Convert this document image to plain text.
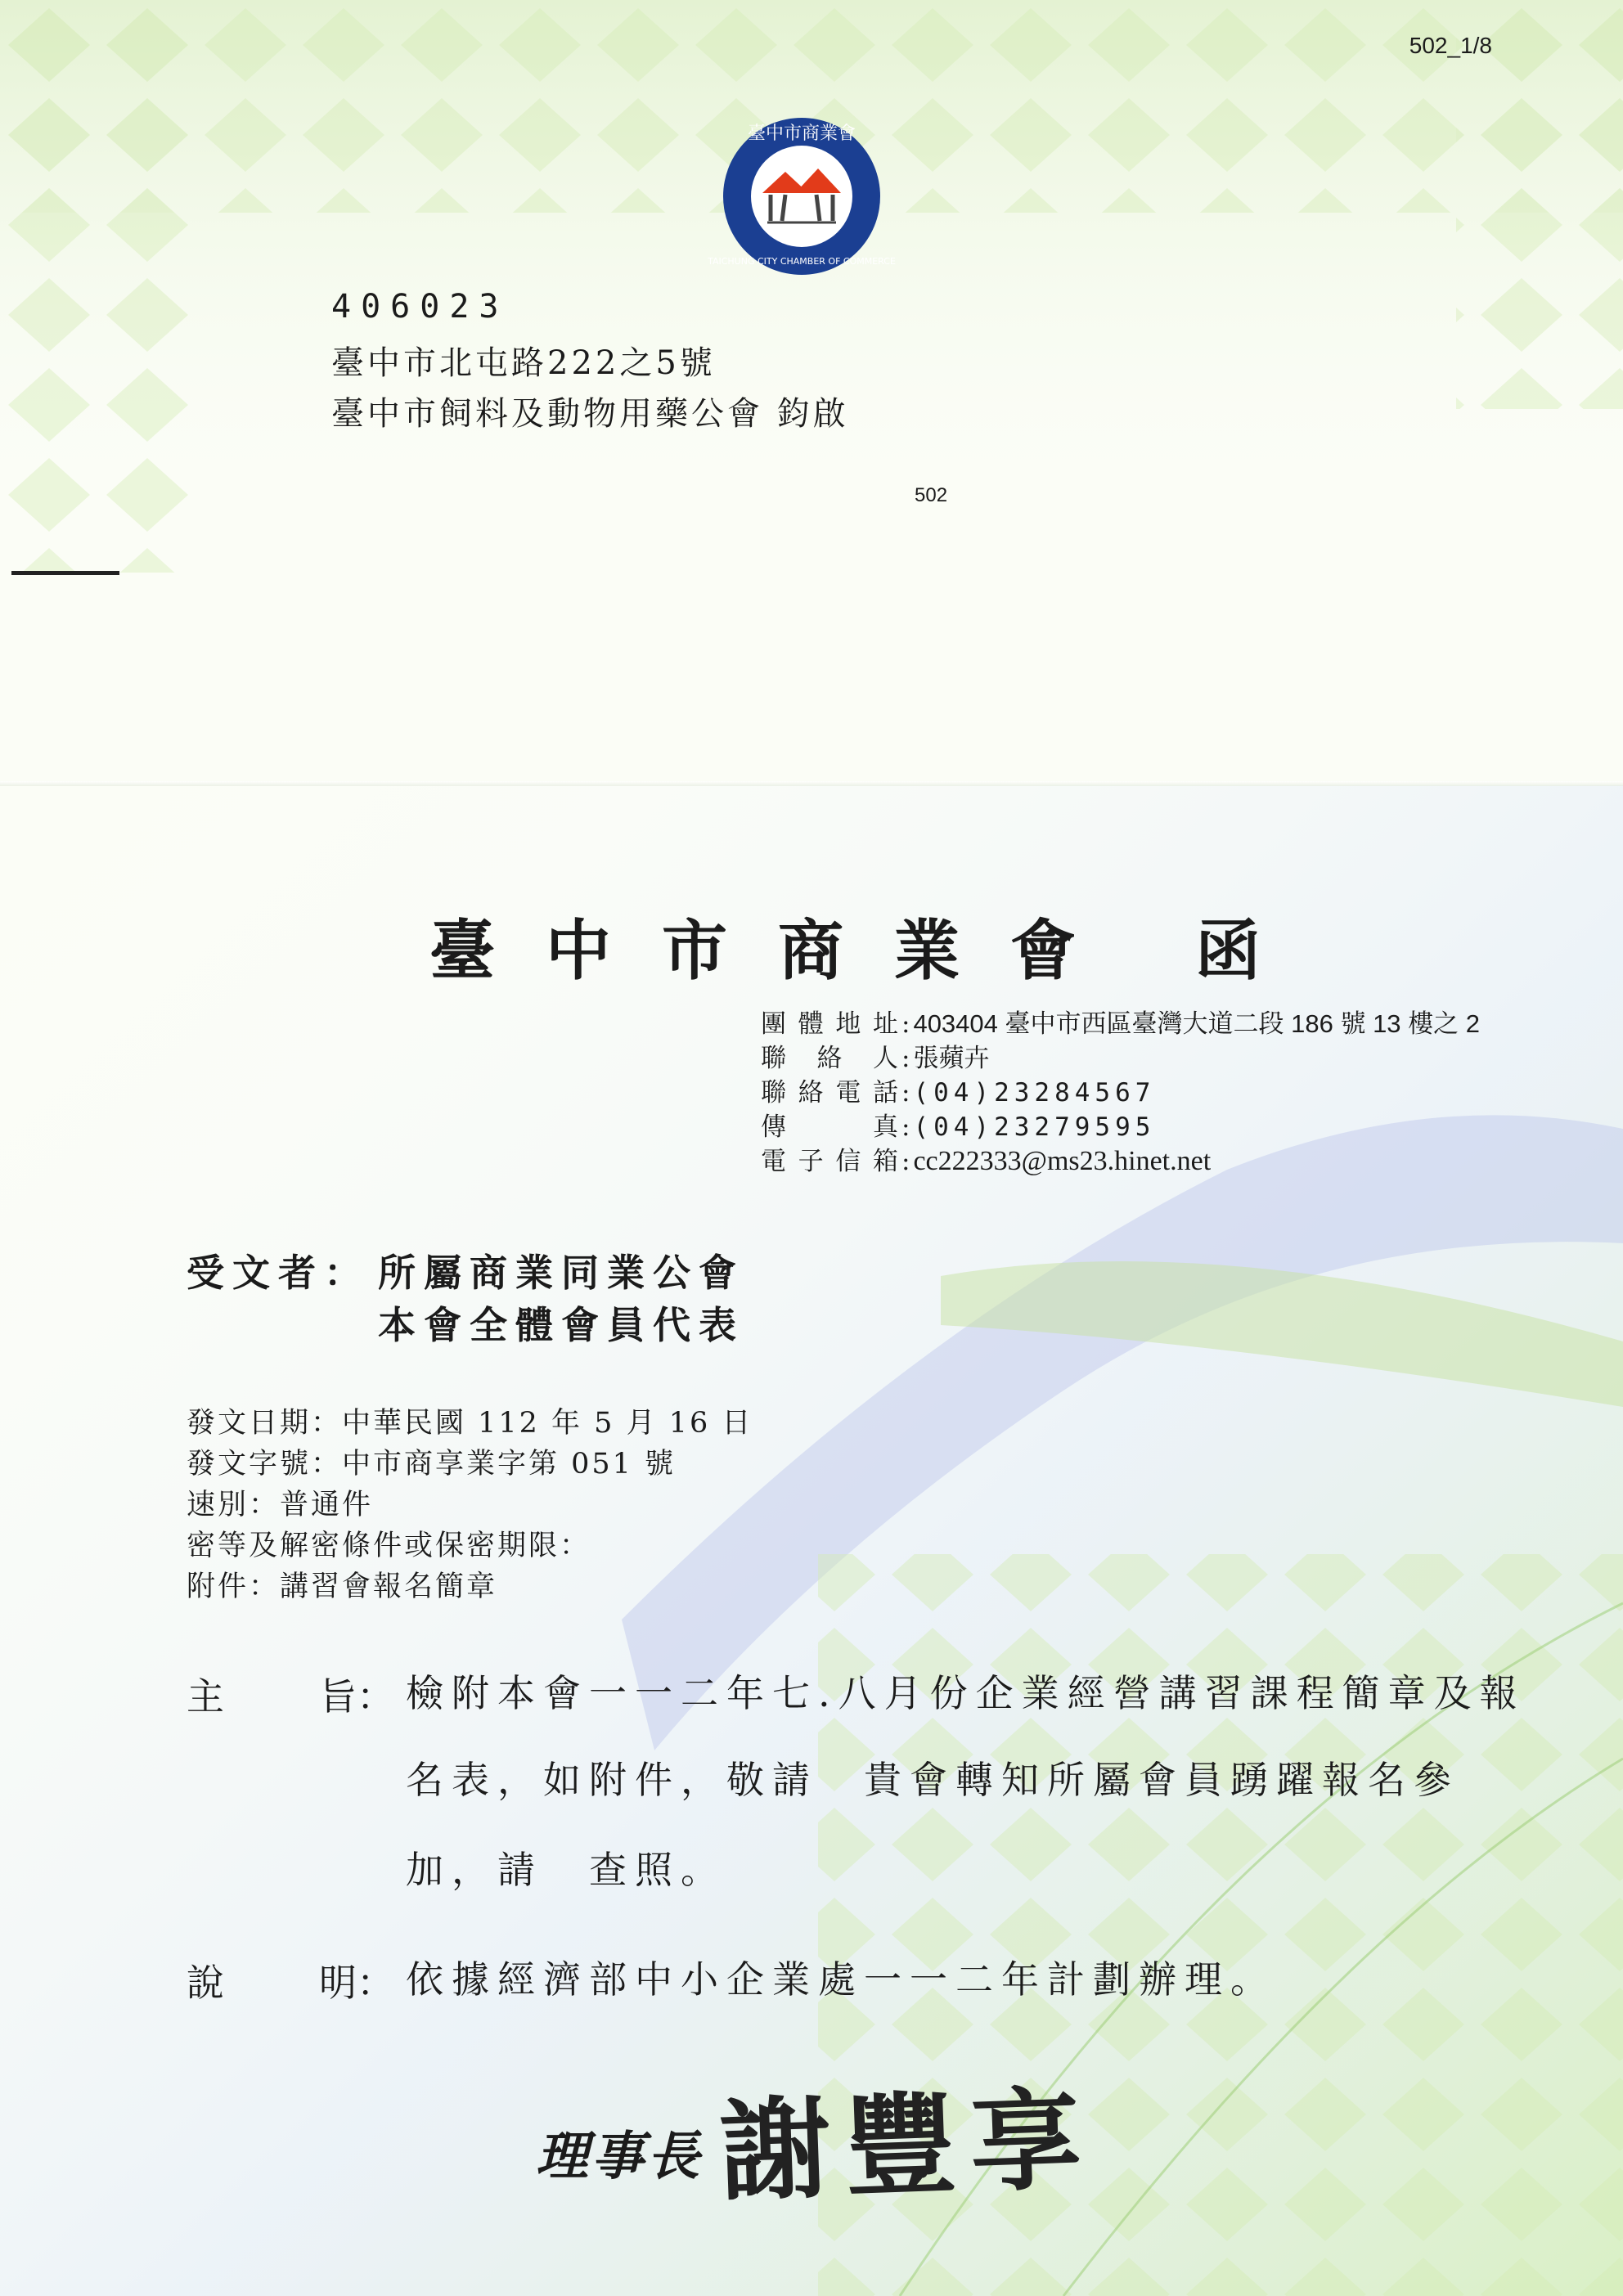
502_1/8
臺中市商業會
TAICHUNG CITY CHAMBER OF COMMERCE
406023
臺中市北屯路222之5號
臺中市飼料及動物用藥公會 鈞啟
502
臺中市商業會 函
團體地址 : 403404 臺中市西區臺灣大道二段 186 號 13 樓之 2
聯絡人 : 張蘋卉
聯絡電話 : (04)23284567
傳真 : (04)23279595
電子信箱 : cc222333@ms23.hinet.net
受文者： 所屬商業同業公會
本會全體會員代表
發文日期：中華民國 112 年 5 月 16 日
發文字號：中市商享業字第 051 號
速別：普通件
密等及解密條件或保密期限：
附件：講習會報名簡章
主	旨： 檢附本會一一二年七.八月份企業經營講習課程簡章及報
名表，如附件，敬請　貴會轉知所屬會員踴躍報名參
加，請　查照。
說	明： 依據經濟部中小企業處一一二年計劃辦理。
理事長 謝豐享
